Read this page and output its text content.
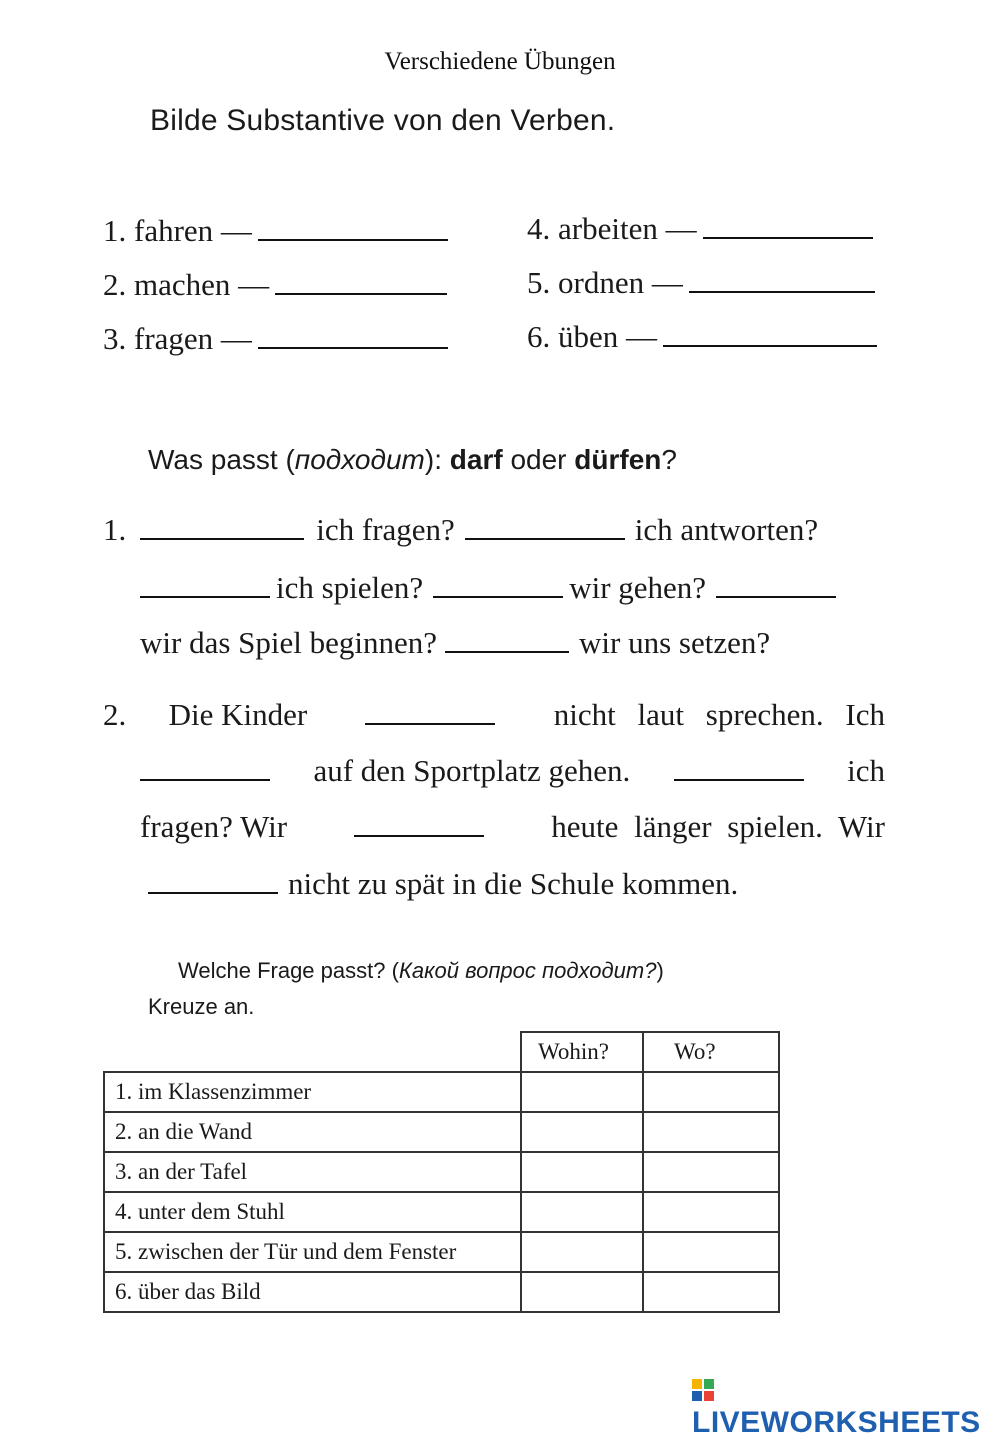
Verschiedene Übungen
Bilde Substantive von den Verben.
1. fahren —
2. machen —
3. fragen —
4. arbeiten —
5. ordnen —
6. üben —
Was passt (подходит): darf oder dürfen?
1.	ich fragen?	ich antworten?
ich spielen?	wir gehen?
wir das Spiel beginnen?	wir uns setzen?
2. Die Kinder	nicht laut sprechen. Ich
auf den Sportplatz gehen.	ich
fragen? Wir	heute länger spielen. Wir
nicht zu spät in die Schule kommen.
Welche Frage passt? (Какой вопрос подходит?)
Kreuze an.
	Wohin?	Wo?
1. im Klassenzimmer		
2. an die Wand		
3. an der Tafel		
4. unter dem Stuhl		
5. zwischen der Tür und dem Fenster		
6. über das Bild		
LIVEWORKSHEETS
